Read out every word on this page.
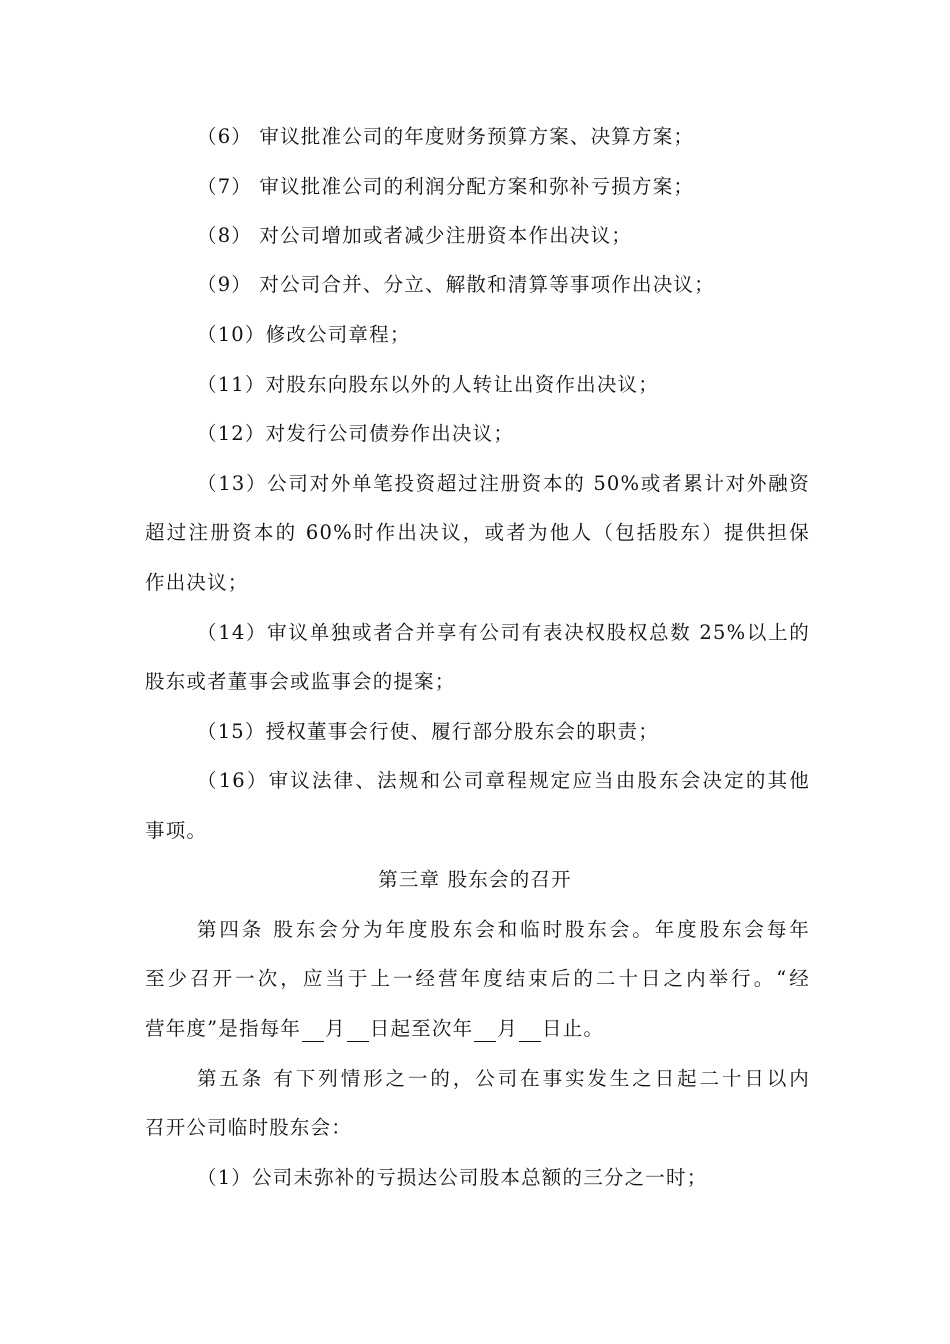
（6） 审议批准公司的年度财务预算方案、决算方案；
（7） 审议批准公司的利润分配方案和弥补亏损方案；
（8） 对公司增加或者减少注册资本作出决议；
（9） 对公司合并、分立、解散和清算等事项作出决议；
（10）修改公司章程；
（11）对股东向股东以外的人转让出资作出决议；
（12）对发行公司债券作出决议；
（13）公司对外单笔投资超过注册资本的 50%或者累计对外融资
超过注册资本的 60%时作出决议，或者为他人（包括股东）提供担保
作出决议；
（14）审议单独或者合并享有公司有表决权股权总数 25%以上的
股东或者董事会或监事会的提案；
（15）授权董事会行使、履行部分股东会的职责；
（16）审议法律、法规和公司章程规定应当由股东会决定的其他
事项。
第三章 股东会的召开
第四条 股东会分为年度股东会和临时股东会。年度股东会每年
至少召开一次，应当于上一经营年度结束后的二十日之内举行。“经
营年度”是指每年 月 日起至次年 月 日止。
第五条 有下列情形之一的，公司在事实发生之日起二十日以内
召开公司临时股东会：
（1）公司未弥补的亏损达公司股本总额的三分之一时；
